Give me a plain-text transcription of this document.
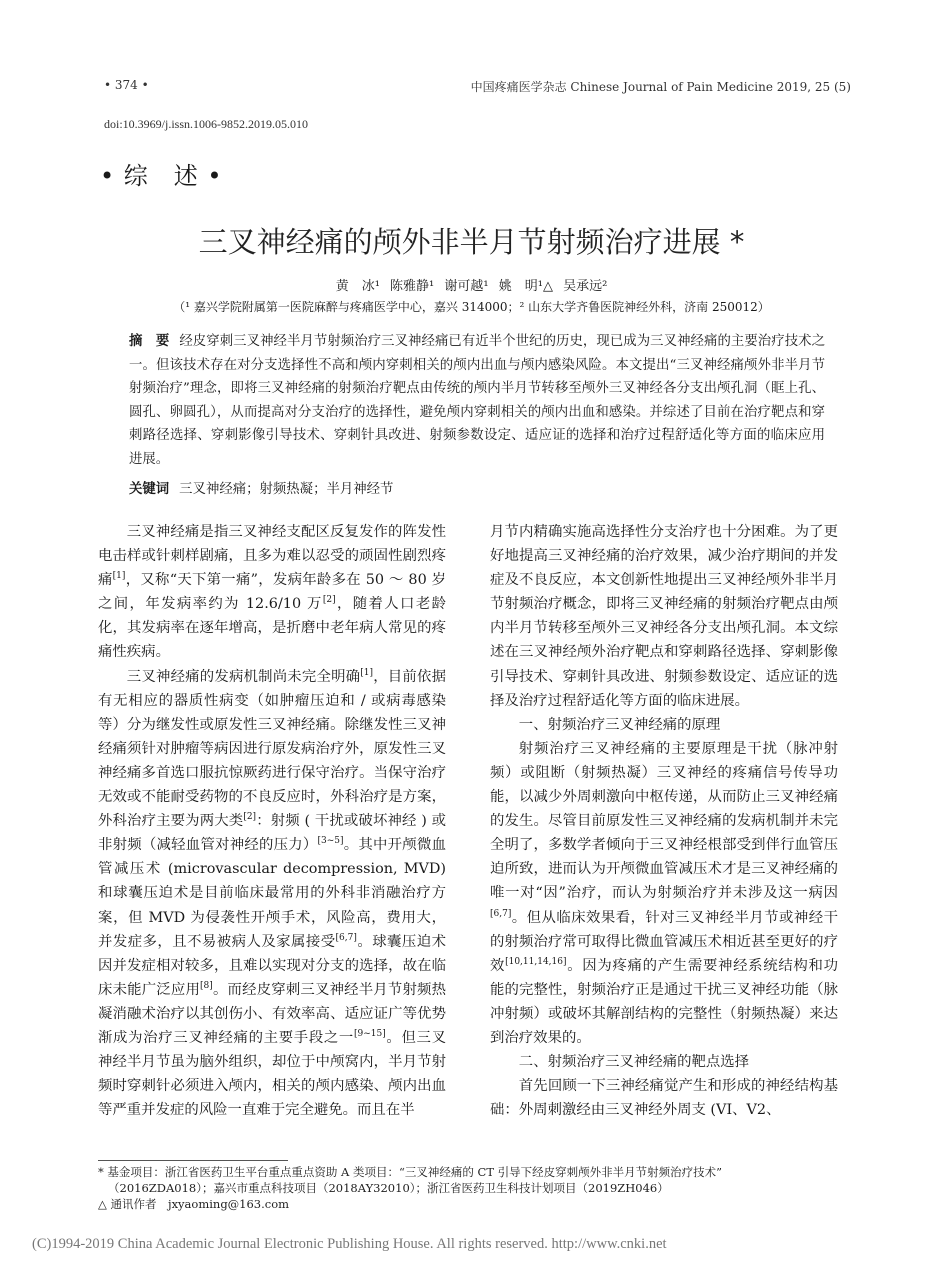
• 374 •	中国疼痛医学杂志 Chinese Journal of Pain Medicine 2019, 25 (5)
doi:10.3969/j.issn.1006-9852.2019.05.010
• 综　述 •
三叉神经痛的颅外非半月节射频治疗进展 *
黄　冰¹ 陈雅静¹ 谢可越¹ 姚　明¹△ 吴承远²
（¹ 嘉兴学院附属第一医院麻醉与疼痛医学中心，嘉兴 314000；² 山东大学齐鲁医院神经外科，济南 250012）
摘　要 经皮穿刺三叉神经半月节射频治疗三叉神经痛已有近半个世纪的历史，现已成为三叉神经痛的主要治疗技术之一。但该技术存在对分支选择性不高和颅内穿刺相关的颅内出血与颅内感染风险。本文提出“三叉神经痛颅外非半月节射频治疗”理念，即将三叉神经痛的射频治疗靶点由传统的颅内半月节转移至颅外三叉神经各分支出颅孔洞（眶上孔、圆孔、卵圆孔），从而提高对分支治疗的选择性，避免颅内穿刺相关的颅内出血和感染。并综述了目前在治疗靶点和穿刺路径选择、穿刺影像引导技术、穿刺针具改进、射频参数设定、适应证的选择和治疗过程舒适化等方面的临床应用进展。
关键词 三叉神经痛；射频热凝；半月神经节

三叉神经痛是指三叉神经支配区反复发作的阵发性电击样或针刺样剧痛，且多为难以忍受的顽固性剧烈疼痛[1]，又称“天下第一痛”，发病年龄多在 50 ～ 80 岁之间，年发病率约为 12.6/10 万[2]，随着人口老龄化，其发病率在逐年增高，是折磨中老年病人常见的疼痛性疾病。

三叉神经痛的发病机制尚未完全明确[1]，目前依据有无相应的器质性病变（如肿瘤压迫和 / 或病毒感染等）分为继发性或原发性三叉神经痛。除继发性三叉神经痛须针对肿瘤等病因进行原发病治疗外，原发性三叉神经痛多首选口服抗惊厥药进行保守治疗。当保守治疗无效或不能耐受药物的不良反应时，外科治疗是方案，外科治疗主要为两大类[2]：射频 ( 干扰或破坏神经 ) 或非射频（减轻血管对神经的压力）[3~5]。其中开颅微血管减压术 (microvascular decompression, MVD) 和球囊压迫术是目前临床最常用的外科非消融治疗方案，但 MVD 为侵袭性开颅手术，风险高，费用大，并发症多，且不易被病人及家属接受[6,7]。球囊压迫术因并发症相对较多，且难以实现对分支的选择，故在临床未能广泛应用[8]。而经皮穿刺三叉神经半月节射频热凝消融术治疗以其创伤小、有效率高、适应证广等优势渐成为治疗三叉神经痛的主要手段之一[9~15]。但三叉神经半月节虽为脑外组织，却位于中颅窝内，半月节射频时穿刺针必须进入颅内，相关的颅内感染、颅内出血等严重并发症的风险一直难于完全避免。而且在半

月节内精确实施高选择性分支治疗也十分困难。为了更好地提高三叉神经痛的治疗效果，减少治疗期间的并发症及不良反应，本文创新性地提出三叉神经颅外非半月节射频治疗概念，即将三叉神经痛的射频治疗靶点由颅内半月节转移至颅外三叉神经各分支出颅孔洞。本文综述在三叉神经颅外治疗靶点和穿刺路径选择、穿刺影像引导技术、穿刺针具改进、射频参数设定、适应证的选择及治疗过程舒适化等方面的临床进展。

一、射频治疗三叉神经痛的原理

射频治疗三叉神经痛的主要原理是干扰（脉冲射频）或阻断（射频热凝）三叉神经的疼痛信号传导功能，以减少外周刺激向中枢传递，从而防止三叉神经痛的发生。尽管目前原发性三叉神经痛的发病机制并未完全明了，多数学者倾向于三叉神经根部受到伴行血管压迫所致，进而认为开颅微血管减压术才是三叉神经痛的唯一对“因”治疗，而认为射频治疗并未涉及这一病因[6,7]。但从临床效果看，针对三叉神经半月节或神经干的射频治疗常可取得比微血管减压术相近甚至更好的疗效[10,11,14,16]。因为疼痛的产生需要神经系统结构和功能的完整性，射频治疗正是通过干扰三叉神经功能（脉冲射频）或破坏其解剖结构的完整性（射频热凝）来达到治疗效果的。

二、射频治疗三叉神经痛的靶点选择

首先回顾一下三神经痛觉产生和形成的神经结构基础：外周刺激经由三叉神经外周支 (VI、V2、

* 基金项目：浙江省医药卫生平台重点重点资助 A 类项目：“三叉神经痛的 CT 引导下经皮穿刺颅外非半月节射频治疗技术”
（2016ZDA018）；嘉兴市重点科技项目（2018AY32010）；浙江省医药卫生科技计划项目（2019ZH046）
△ 通讯作者　jxyaoming@163.com
(C)1994-2019 China Academic Journal Electronic Publishing House. All rights reserved. http://www.cnki.net
